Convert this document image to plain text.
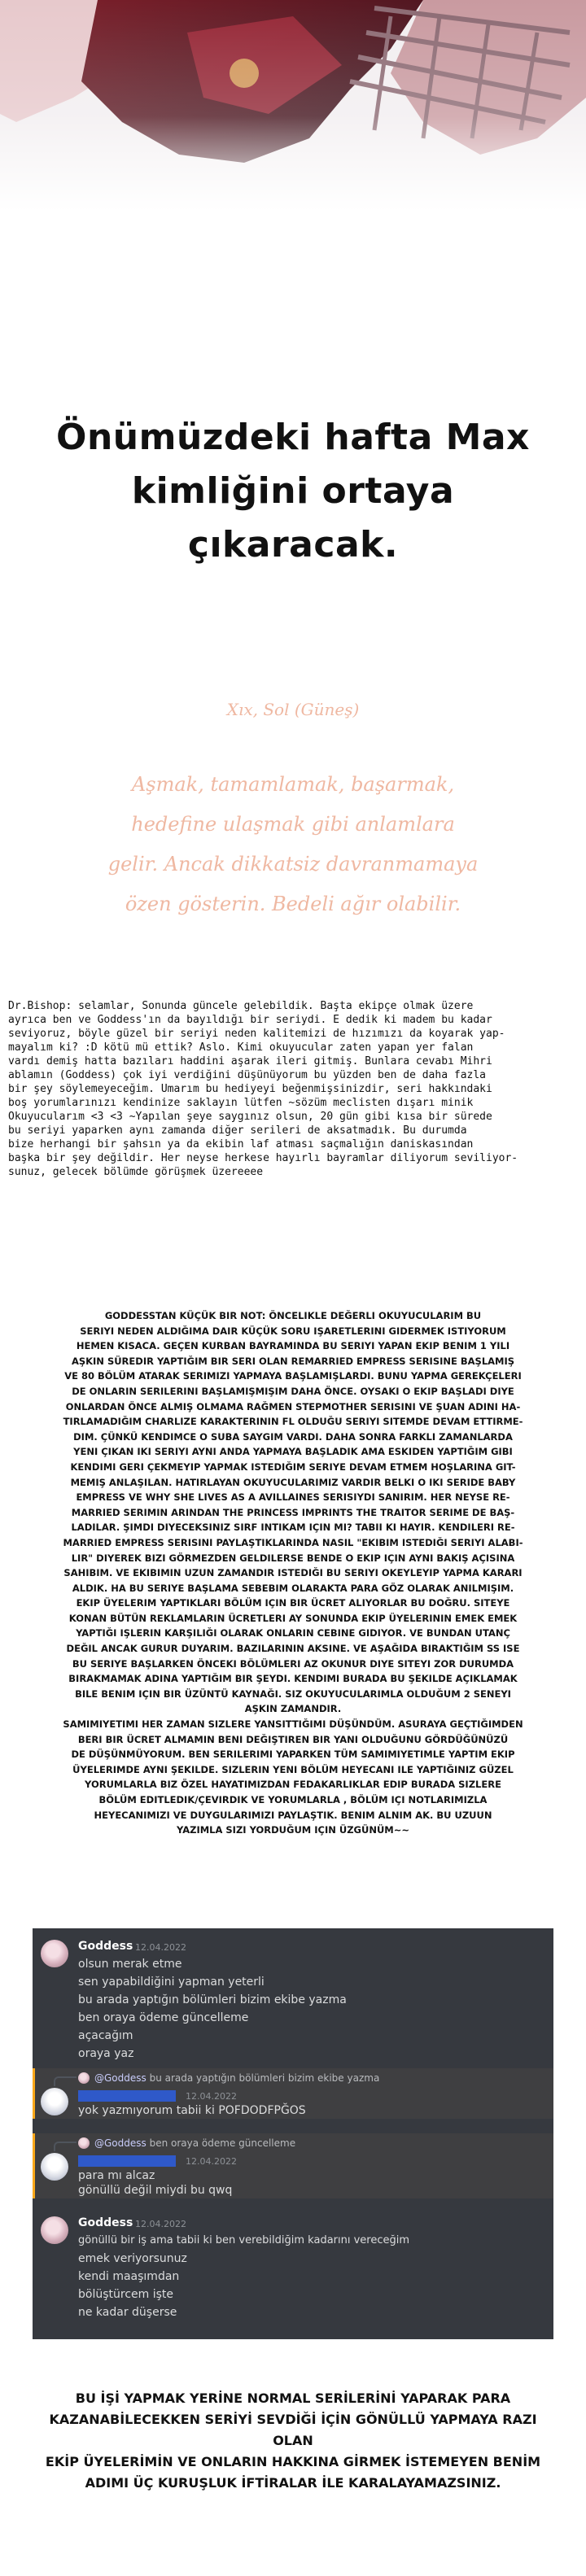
Önümüzdeki hafta Max
kimliğini ortaya çıkaracak.
Xıx, Sol (Güneş)
Aşmak, tamamlamak, başarmak,
hedefine ulaşmak gibi anlamlara
gelir. Ancak dikkatsiz davranmamaya
özen gösterin. Bedeli ağır olabilir.
Dr.Bishop: selamlar, Sonunda güncele gelebildik. Başta ekipçe olmak üzere
ayrıca ben ve Goddess'ın da bayıldığı bir seriydi. E dedik ki madem bu kadar
seviyoruz, böyle güzel bir seriyi neden kalitemizi de hızımızı da koyarak yap-
mayalım ki? :D kötü mü ettik? Aslo. Kimi okuyucular zaten yapan yer falan
vardı demiş hatta bazıları haddini aşarak ileri gitmiş. Bunlara cevabı Mihri
ablamın (Goddess) çok iyi verdiğini düşünüyorum bu yüzden ben de daha fazla
bir şey söylemeyeceğim. Umarım bu hediyeyi beğenmişsinizdir, seri hakkındaki
boş yorumlarınızı kendinize saklayın lütfen ~sözüm meclisten dışarı minik
Okuyucularım <3 <3 ~Yapılan şeye saygınız olsun, 20 gün gibi kısa bir sürede
bu seriyi yaparken aynı zamanda diğer serileri de aksatmadık. Bu durumda
bize herhangi bir şahsın ya da ekibin laf atması saçmalığın daniskasından
başka bir şey değildir. Her neyse herkese hayırlı bayramlar diliyorum seviliyor-
sunuz, gelecek bölümde görüşmek üzereeee
GODDESSTAN KÜÇÜK BIR NOT: ÖNCELIKLE DEĞERLI OKUYUCULARIM BU
SERIYI NEDEN ALDIĞIMA DAIR KÜÇÜK SORU IŞARETLERINI GIDERMEK ISTIYORUM
HEMEN KISACA. GEÇEN KURBAN BAYRAMINDA BU SERIYI YAPAN EKIP BENIM 1 YILI
AŞKIN SÜREDIR YAPTIĞIM BIR SERI OLAN REMARRIED EMPRESS SERISINE BAŞLAMIŞ
VE 80 BÖLÜM ATARAK SERIMIZI YAPMAYA BAŞLAMIŞLARDI. BUNU YAPMA GEREKÇELERI
DE ONLARIN SERILERINI BAŞLAMIŞMIŞIM DAHA ÖNCE. OYSAKI O EKIP BAŞLADI DIYE
ONLARDAN ÖNCE ALMIŞ OLMAMA RAĞMEN STEPMOTHER SERISINI VE ŞUAN ADINI HA-
TIRLAMADIĞIM CHARLIZE KARAKTERININ FL OLDUĞU SERIYI SITEMDE DEVAM ETTIRME-
DIM. ÇÜNKÜ KENDIMCE O SUBA SAYGIM VARDI. DAHA SONRA FARKLI ZAMANLARDA
YENI ÇIKAN IKI SERIYI AYNI ANDA YAPMAYA BAŞLADIK AMA ESKIDEN YAPTIĞIM GIBI
KENDIMI GERI ÇEKMEYIP YAPMAK ISTEDIĞIM SERIYE DEVAM ETMEM HOŞLARINA GIT-
MEMIŞ ANLAŞILAN. HATIRLAYAN OKUYUCULARIMIZ VARDIR BELKI O IKI SERIDE BABY
EMPRESS VE WHY SHE LIVES AS A AVILLAINES SERISIYDI SANIRIM. HER NEYSE RE-
MARRIED SERIMIN ARINDAN THE PRINCESS IMPRINTS THE TRAITOR SERIME DE BAŞ-
LADILAR. ŞIMDI DIYECEKSINIZ SIRF INTIKAM IÇIN MI? TABII KI HAYIR. KENDILERI RE-
MARRIED EMPRESS SERISINI PAYLAŞTIKLARINDA NASIL "EKIBIM ISTEDIĞI SERIYI ALABI-
LIR" DIYEREK BIZI GÖRMEZDEN GELDILERSE BENDE O EKIP IÇIN AYNI BAKIŞ AÇISINA
SAHIBIM. VE EKIBIMIN UZUN ZAMANDIR ISTEDIĞI BU SERIYI OKEYLEYIP YAPMA KARARI
ALDIK. HA BU SERIYE BAŞLAMA SEBEBIM OLARAKTA PARA GÖZ OLARAK ANILMIŞIM.
EKIP ÜYELERIM YAPTIKLARI BÖLÜM IÇIN BIR ÜCRET ALIYORLAR BU DOĞRU. SITEYE
KONAN BÜTÜN REKLAMLARIN ÜCRETLERI AY SONUNDA EKIP ÜYELERININ EMEK EMEK
YAPTIĞI IŞLERIN KARŞILIĞI OLARAK ONLARIN CEBINE GIDIYOR. VE BUNDAN UTANÇ
DEĞIL ANCAK GURUR DUYARIM. BAZILARININ AKSINE. VE AŞAĞIDA BIRAKTIĞIM SS ISE
BU SERIYE BAŞLARKEN ÖNCEKI BÖLÜMLERI AZ OKUNUR DIYE SITEYI ZOR DURUMDA
BIRAKMAMAK ADINA YAPTIĞIM BIR ŞEYDI. KENDIMI BURADA BU ŞEKILDE AÇIKLAMAK
BILE BENIM IÇIN BIR ÜZÜNTÜ KAYNAĞI. SIZ OKUYUCULARIMLA OLDUĞUM 2 SENEYI
AŞKIN ZAMANDIR.
SAMIMIYETIMI HER ZAMAN SIZLERE YANSITTIĞIMI DÜŞÜNDÜM. ASURAYA GEÇTIĞIMDEN
BERI BIR ÜCRET ALMAMIN BENI DEĞIŞTIREN BIR YANI OLDUĞUNU GÖRDÜĞÜNÜZÜ
DE DÜŞÜNMÜYORUM. BEN SERILERIMI YAPARKEN TÜM SAMIMIYETIMLE YAPTIM EKIP
ÜYELERIMDE AYNI ŞEKILDE. SIZLERIN YENI BÖLÜM HEYECANI ILE YAPTIĞINIZ GÜZEL
YORUMLARLA BIZ ÖZEL HAYATIMIZDAN FEDAKARLIKLAR EDIP BURADA SIZLERE
BÖLÜM EDITLEDIK/ÇEVIRDIK VE YORUMLARLA , BÖLÜM IÇI NOTLARIMIZLA
HEYECANIMIZI VE DUYGULARIMIZI PAYLAŞTIK. BENIM ALNIM AK. BU UZUUN
YAZIMLA SIZI YORDUĞUM IÇIN ÜZGÜNÜM~~
Goddess 12.04.2022
olsun merak etme
sen yapabildiğini yapman yeterli
bu arada yaptığın bölümleri bizim ekibe yazma
ben oraya ödeme güncelleme
açacağım
oraya yaz
@Goddess bu arada yaptığın bölümleri bizim ekibe yazma
12.04.2022
yok yazmıyorum tabii ki POFDODFPĞOS
@Goddess ben oraya ödeme güncelleme
12.04.2022
para mı alcaz
gönüllü değil miydi bu qwq
Goddess 12.04.2022
gönüllü bir iş ama tabii ki ben verebildiğim kadarını vereceğim
emek veriyorsunuz
kendi maaşımdan
bölüştürcem işte
ne kadar düşerse
BU İŞİ YAPMAK YERİNE NORMAL SERİLERİNİ YAPARAK PARA
KAZANABİLECEKKEN SERİYİ SEVDİĞİ İÇİN GÖNÜLLÜ YAPMAYA RAZI OLAN
EKİP ÜYELERİMİN VE ONLARIN HAKKINA GİRMEK İSTEMEYEN BENİM
ADIMI ÜÇ KURUŞLUK İFTİRALAR İLE KARALAYAMAZSINIZ.
